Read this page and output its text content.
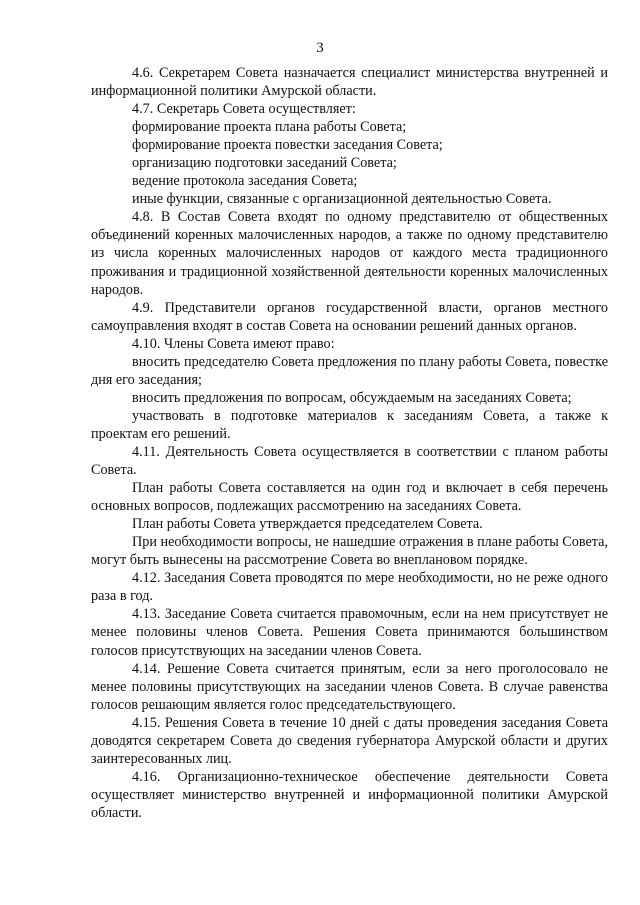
3

4.6. Секретарем Совета назначается специалист министерства внутренней и информационной политики Амурской области.

4.7. Секретарь Совета осуществляет:

формирование проекта плана работы Совета;

формирование проекта повестки заседания Совета;

организацию подготовки заседаний Совета;

ведение протокола заседания Совета;

иные функции, связанные с организационной деятельностью Совета.

4.8. В Состав Совета входят по одному представителю от общественных объединений коренных малочисленных народов, а также по одному представителю из числа коренных малочисленных народов от каждого места традиционного проживания и традиционной хозяйственной деятельности коренных малочисленных народов.

4.9. Представители органов государственной власти, органов местного самоуправления входят в состав Совета на основании решений данных органов.

4.10. Члены Совета имеют право:

вносить председателю Совета предложения по плану работы Совета, повестке дня его заседания;

вносить предложения по вопросам, обсуждаемым на заседаниях Совета;

участвовать в подготовке материалов к заседаниям Совета, а также к проектам его решений.

4.11. Деятельность Совета осуществляется в соответствии с планом работы Совета.

План работы Совета составляется на один год и включает в себя перечень основных вопросов, подлежащих рассмотрению на заседаниях Совета.

План работы Совета утверждается председателем Совета.

При необходимости вопросы, не нашедшие отражения в плане работы Совета, могут быть вынесены на рассмотрение Совета во внеплановом порядке.

4.12. Заседания Совета проводятся по мере необходимости, но не реже одного раза в год.

4.13. Заседание Совета считается правомочным, если на нем присутствует не менее половины членов Совета. Решения Совета принимаются большинством голосов присутствующих на заседании членов Совета.

4.14. Решение Совета считается принятым, если за него проголосовало не менее половины присутствующих на заседании членов Совета. В случае равенства голосов решающим является голос председательствующего.

4.15. Решения Совета в течение 10 дней с даты проведения заседания Совета доводятся секретарем Совета до сведения губернатора Амурской области и других заинтересованных лиц.

4.16. Организационно-техническое обеспечение деятельности Совета осуществляет министерство внутренней и информационной политики Амурской области.
